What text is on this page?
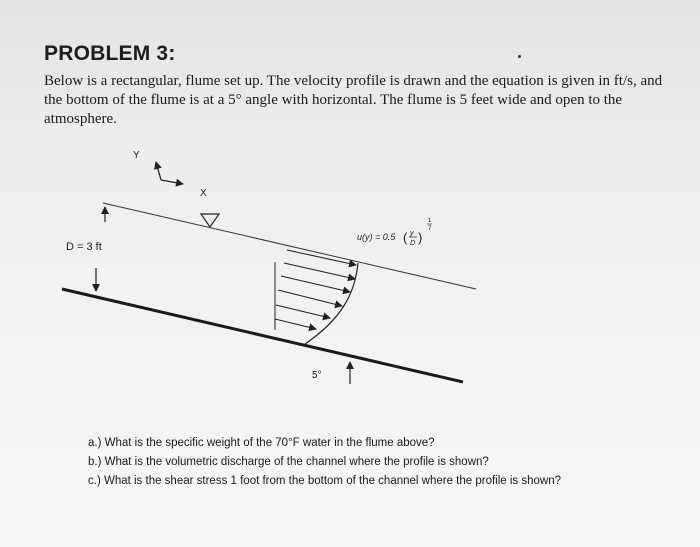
PROBLEM 3:
Below is a rectangular, flume set up. The velocity profile is drawn and the equation is given in ft/s, and the bottom of the flume is at a 5° angle with horizontal. The flume is 5 feet wide and open to the atmosphere.
Y
X
D = 3 ft
u(y) = 0.5 ( y
D )
1
7
5°
a.) What is the specific weight of the 70°F water in the flume above?
b.) What is the volumetric discharge of the channel where the profile is shown?
c.) What is the shear stress 1 foot from the bottom of the channel where the profile is shown?
